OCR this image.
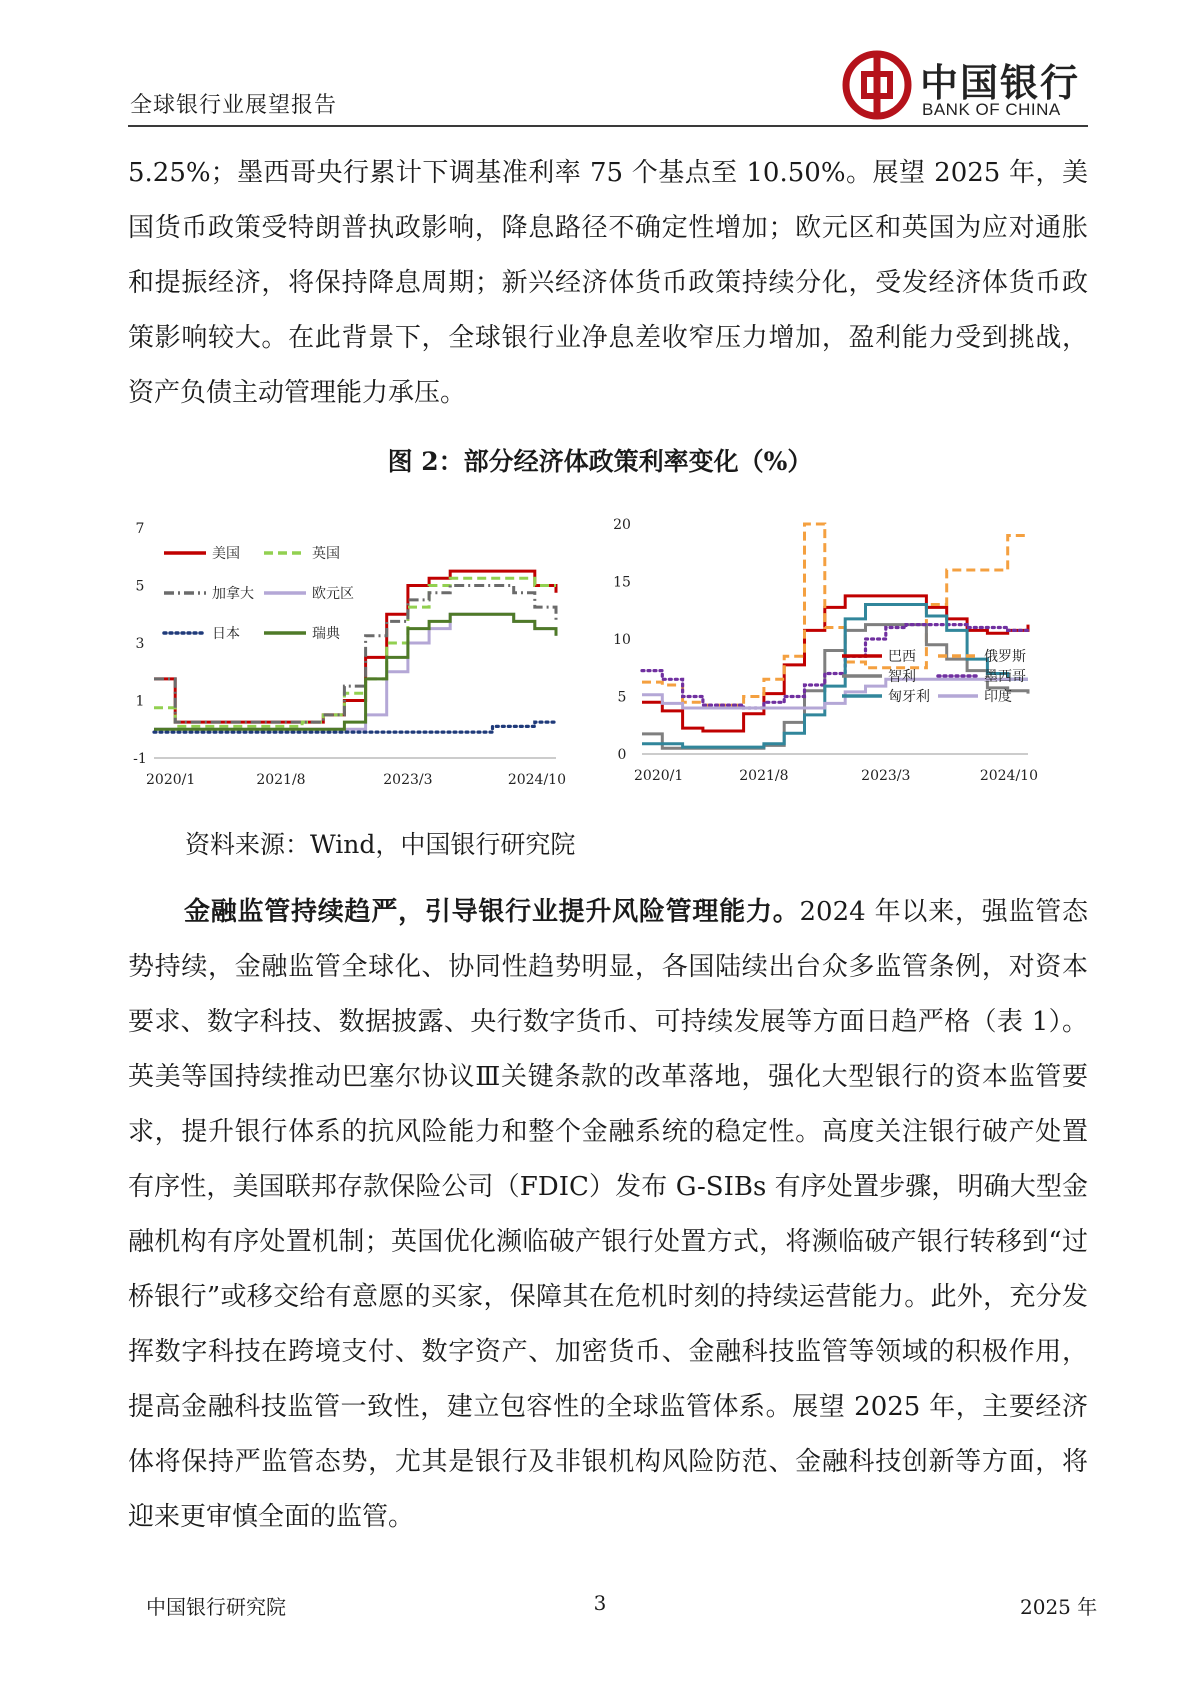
全球银行业展望报告
中国银行
BANK OF CHINA

5.25%；墨西哥央行累计下调基准利率 75 个基点至 10.50%。展望 2025 年，美国货币政策受特朗普执政影响，降息路径不确定性增加；欧元区和英国为应对通胀和提振经济，将保持降息周期；新兴经济体货币政策持续分化，受发经济体货币政策影响较大。在此背景下，全球银行业净息差收窄压力增加，盈利能力受到挑战，资产负债主动管理能力承压。

图 2：部分经济体政策利率变化（%）
7
5
3
1
-1
2020/1	2021/8	2023/3	2024/10
美国	英国
加拿大	欧元区
日本	瑞典
20
15
10
5
0
2020/1	2021/8	2023/3	2024/10
巴西	俄罗斯
智利	墨西哥
匈牙利	印度
资料来源：Wind，中国银行研究院

金融监管持续趋严，引导银行业提升风险管理能力。2024 年以来，强监管态势持续，金融监管全球化、协同性趋势明显，各国陆续出台众多监管条例，对资本要求、数字科技、数据披露、央行数字货币、可持续发展等方面日趋严格（表 1）。英美等国持续推动巴塞尔协议Ⅲ关键条款的改革落地，强化大型银行的资本监管要求，提升银行体系的抗风险能力和整个金融系统的稳定性。高度关注银行破产处置有序性，美国联邦存款保险公司（FDIC）发布 G-SIBs 有序处置步骤，明确大型金融机构有序处置机制；英国优化濒临破产银行处置方式，将濒临破产银行转移到“过桥银行”或移交给有意愿的买家，保障其在危机时刻的持续运营能力。此外，充分发挥数字科技在跨境支付、数字资产、加密货币、金融科技监管等领域的积极作用，提高金融科技监管一致性，建立包容性的全球监管体系。展望 2025 年，主要经济体将保持严监管态势，尤其是银行及非银机构风险防范、金融科技创新等方面，将迎来更审慎全面的监管。

中国银行研究院	3	2025 年
